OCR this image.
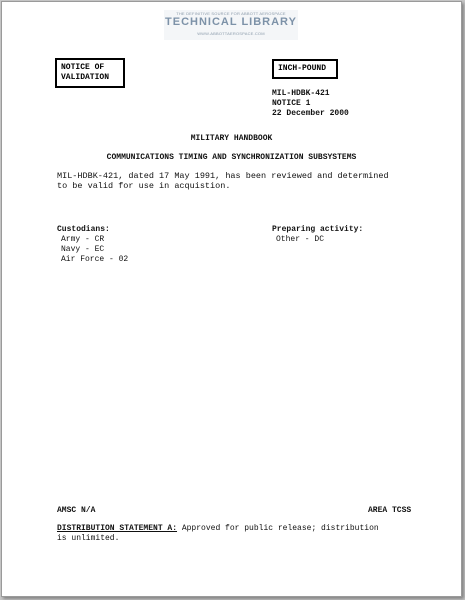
THE DEFINITIVE SOURCE FOR ABBOTT AEROSPACE
TECHNICAL LIBRARY
WWW.ABBOTTAEROSPACE.COM
NOTICE OF
VALIDATION
INCH-POUND
MIL-HDBK-421
NOTICE 1
22 December 2000
MILITARY HANDBOOK
COMMUNICATIONS TIMING AND SYNCHRONIZATION SUBSYSTEMS
MIL-HDBK-421, dated 17 May 1991, has been reviewed and determined
to be valid for use in acquistion.
Custodians:
Army - CR
Navy - EC
Air Force - 02
Preparing activity:
Other - DC
AMSC N/A	AREA TCSS
DISTRIBUTION STATEMENT A: Approved for public release; distribution
is unlimited.
